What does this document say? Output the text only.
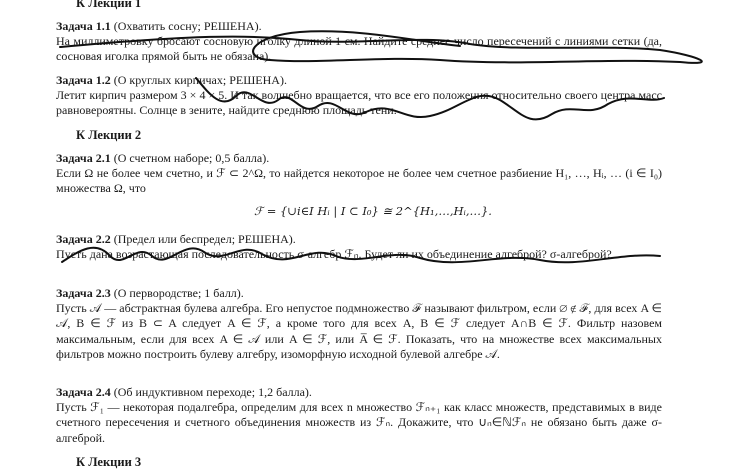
К Лекции 1
Задача 1.1 (Охватить сосну; РЕШЕНА).
На миллиметровку бросают сосновую иголку длиной 1 см. Найдите среднее число пересечений с линиями сетки (да, сосновая иголка прямой быть не обязана).
Задача 1.2 (О круглых кирпичах; РЕШЕНА).
Летит кирпич размером 3 × 4 × 5. И так волшебно вращается, что все его положения относительно своего центра масс равновероятны. Солнце в зените, найдите среднюю площадь тени.
К Лекции 2
Задача 2.1 (О счетном наборе; 0,5 балла).
Если Ω не более чем счетно, и ℱ ⊂ 2^Ω, то найдется некоторое не более чем счетное разбиение H₁, …, Hᵢ, … (i ∈ I₀) множества Ω, что
ℱ = {∪i∈I Hᵢ | I ⊂ I₀} ≅ 2^{H₁,…,Hᵢ,…}.
Задача 2.2 (Предел или беспредел; РЕШЕНА).
Пусть дана возрастающая последовательность σ-алгебр ℱₙ. Будет ли их объединение алгеброй? σ-алгеброй?
Задача 2.3 (О первородстве; 1 балл).
Пусть 𝒜 — абстрактная булева алгебра. Его непустое подмножество ℱ называют фильтром, если ∅ ∉ ℱ, для всех A ∈ 𝒜, B ∈ ℱ из B ⊂ A следует A ∈ ℱ, а кроме того для всех A, B ∈ ℱ следует A∩B ∈ ℱ. Фильтр назовем максимальным, если для всех A ∈ 𝒜 или A ∈ ℱ, или A̅ ∈ ℱ. Показать, что на множестве всех максимальных фильтров можно построить булеву алгебру, изоморфную исходной булевой алгебре 𝒜.
Задача 2.4 (Об индуктивном переходе; 1,2 балла).
Пусть ℱ₁ — некоторая подалгебра, определим для всех n множество ℱₙ₊₁ как класс множеств, представимых в виде счетного пересечения и счетного объединения множеств из ℱₙ. Докажите, что ∪ₙ∈ℕℱₙ не обязано быть даже σ-алгеброй.
К Лекции 3
